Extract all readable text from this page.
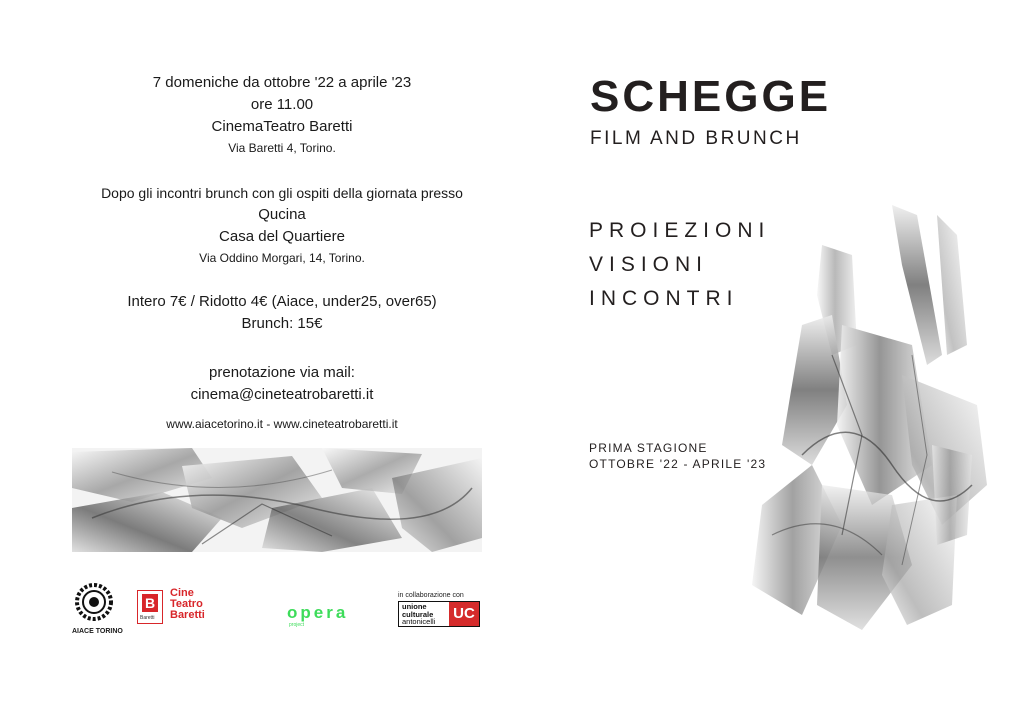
7 domeniche da ottobre '22 a aprile '23
ore 11.00
CinemaTeatro Baretti
Via Baretti 4, Torino.
Dopo gli incontri brunch con gli ospiti della giornata presso
Qucina
Casa del Quartiere
Via Oddino Morgari, 14, Torino.
Intero 7€ / Ridotto 4€ (Aiace, under25, over65)
Brunch: 15€
prenotazione via mail:
cinema@cineteatrobaretti.it
www.aiacetorino.it - www.cineteatrobaretti.it
AIACE TORINO
B
Baretti
Cine
Teatro
Baretti	opera
project
in collaborazione con
unione
culturale
antonicelli UC
SCHEGGE
FILM AND BRUNCH
PROIEZIONI
VISIONI
INCONTRI
PRIMA STAGIONE
OTTOBRE '22 - APRILE '23
